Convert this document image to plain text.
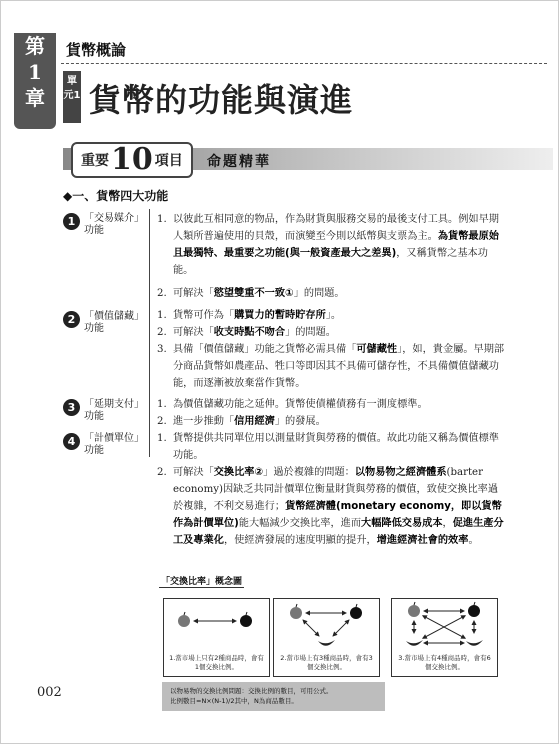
第
1
章
貨幣概論
單元1 貨幣的功能與演進
重要 10 項目 命題精華
◆一、貨幣四大功能
1 「交易媒介」功能
1. 以彼此互相同意的物品，作為財貨與服務交易的最後支付工具。例如早期人類所普遍使用的貝殼，而演變至今則以紙幣與支票為主。為貨幣最原始且最獨特、最重要之功能(與一般資產最大之差異)，又稱貨幣之基本功能。
2. 可解決「慾望雙重不一致①」的問題。
2 「價值儲藏」功能
1. 貨幣可作為「購買力的暫時貯存所」。
2. 可解決「收支時點不吻合」的問題。
3. 具備「價值儲藏」功能之貨幣必需具備「可儲藏性」，如，貴金屬。早期部分商品貨幣如農產品、牲口等即因其不具備可儲存性，不具備價值儲藏功能，而逐漸被放棄當作貨幣。
3 「延期支付」功能
1. 為價值儲藏功能之延伸。貨幣使債權債務有一測度標準。
2. 進一步推動「信用經濟」的發展。
4 「計價單位」功能
1. 貨幣提供共同單位用以測量財貨與勞務的價值。故此功能又稱為價值標準功能。
2. 可解決「交換比率②」過於複雜的問題：以物易物之經濟體系(barter economy)因缺乏共同計價單位衡量財貨與勞務的價值，致使交換比率過於複雜，不利交易進行；貨幣經濟體(monetary economy，即以貨幣作為計價單位)能大幅減少交換比率，進而大幅降低交易成本，促進生產分工及專業化，使經濟發展的速度明顯的提升，增進經濟社會的效率。
「交換比率」概念圖
1.當市場上只有2種商品時，會有1個交換比例。
2.當市場上有3種商品時，會有3個交換比例。
3.當市場上有4種商品時，會有6個交換比例。
以物易物的交換比例問題：交換比例的數目，可用公式。
比例數目=N×(N-1)/2其中，N為商品數目。
002
